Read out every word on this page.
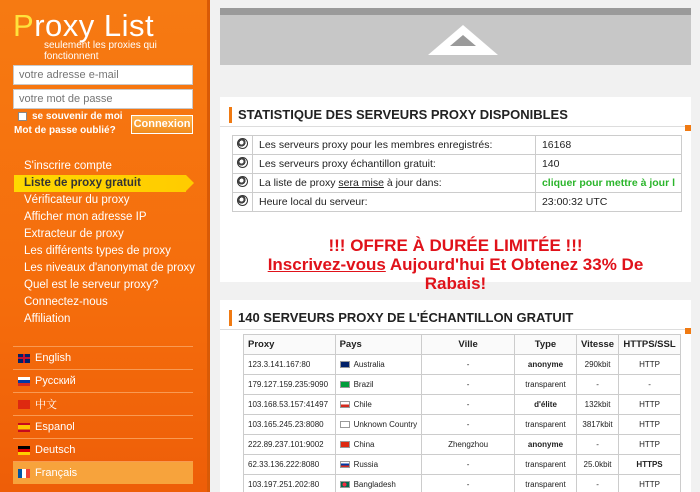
Proxy List
seulement les proxies qui fonctionnent
votre adresse e-mail
se souvenir de moi
Mot de passe oublié?
Connexion
S'inscrire compte
Liste de proxy gratuit
Vérificateur du proxy
Afficher mon adresse IP
Extracteur de proxy
Les différents types de proxy
Les niveaux d'anonymat de proxy
Quel est le serveur proxy?
Connectez-nous
Affiliation
English
Русский
中文
Espanol
Deutsch
Français
STATISTIQUE DES SERVEURS PROXY DISPONIBLES
	Les serveurs proxy pour les membres enregistrés:	16168
	Les serveurs proxy échantillon gratuit:	140
	La liste de proxy sera mise à jour dans:	cliquer pour mettre à jour l
	Heure local du serveur:	23:00:32 UTC
!!! OFFRE À DURÉE LIMITÉE !!!
Inscrivez-vous Aujourd'hui Et Obtenez 33% De
Rabais!
140 SERVEURS PROXY DE L'ÉCHANTILLON GRATUIT
Proxy	Pays	Ville	Type	Vitesse	HTTPS/SSL
123.3.141.167:80	Australia	-	anonyme	290kbit	HTTP
179.127.159.235:9090	Brazil	-	transparent	-	-
103.168.53.157:41497	Chile	-	d'élite	132kbit	HTTP
103.165.245.23:8080	Unknown Country	-	transparent	3817kbit	HTTP
222.89.237.101:9002	China	Zhengzhou	anonyme	-	HTTP
62.33.136.222:8080	Russia	-	transparent	25.0kbit	HTTPS
103.197.251.202:80	Bangladesh	-	transparent	-	HTTP
